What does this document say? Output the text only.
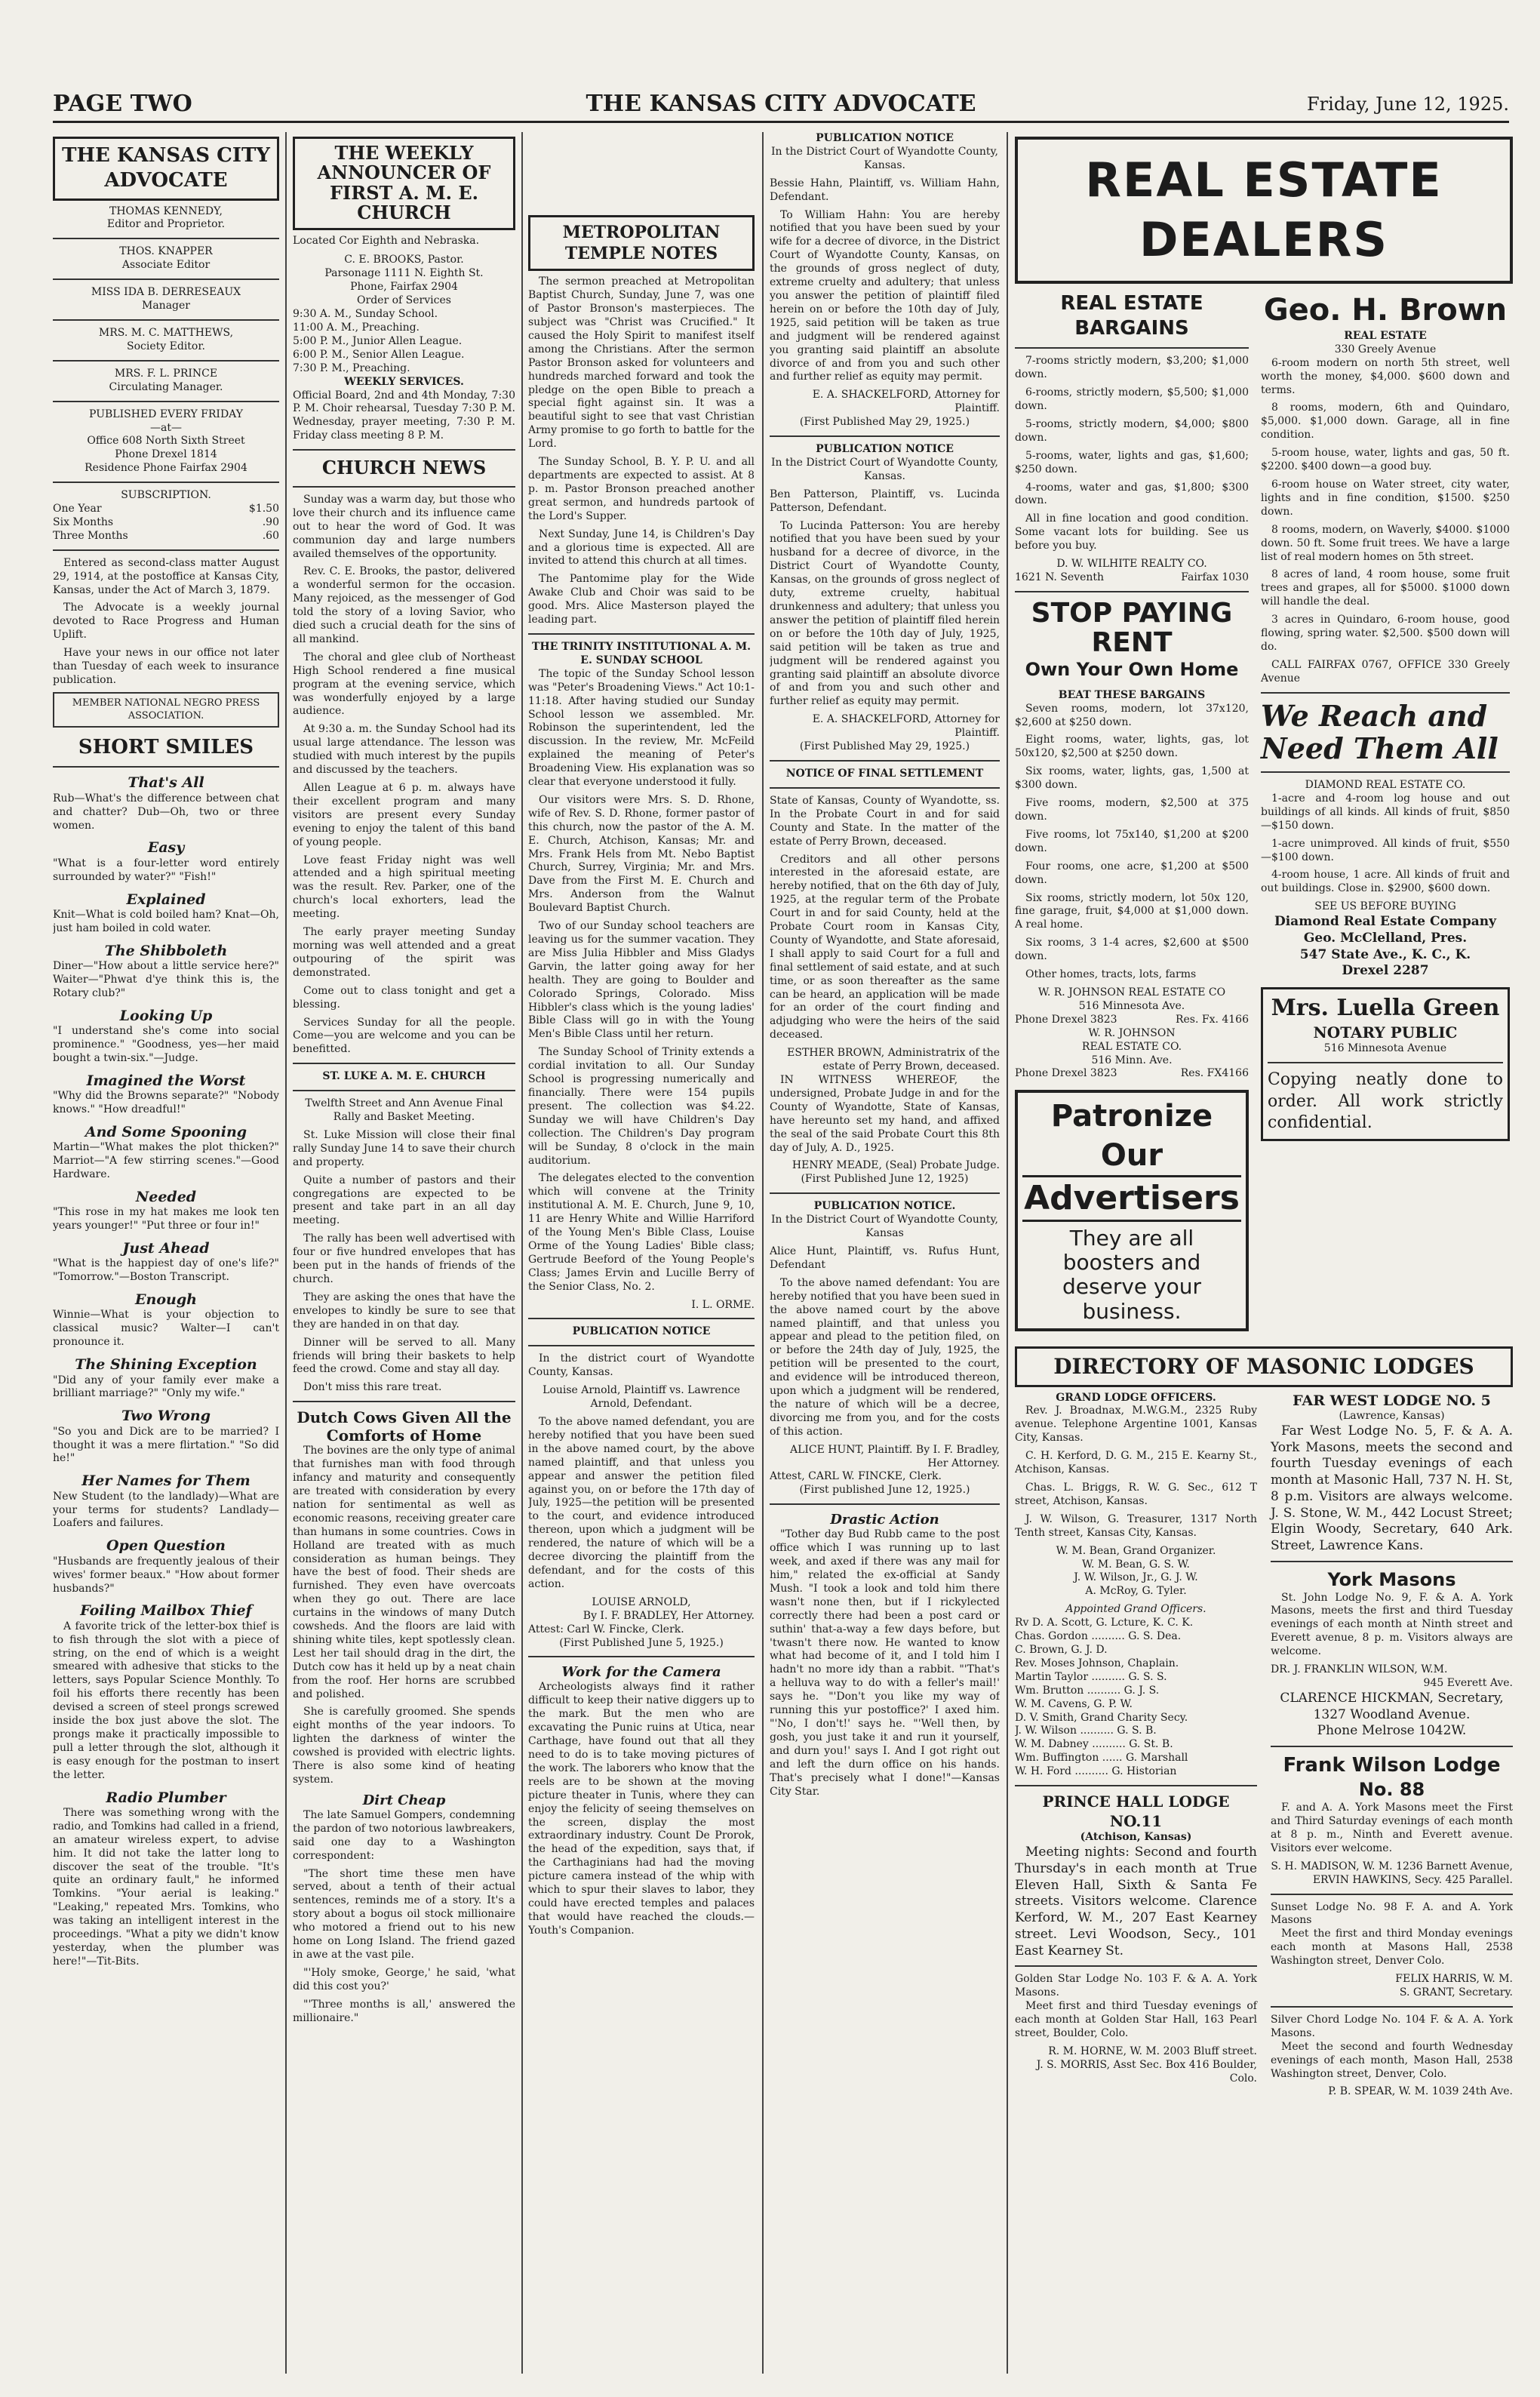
PAGE TWO	THE KANSAS CITY ADVOCATE	Friday, June 12, 1925.
THE KANSAS CITY ADVOCATE
THOMAS KENNEDY,
Editor and Proprietor.
THOS. KNAPPER
Associate Editor
MISS IDA B. DERRESEAUX
Manager
MRS. M. C. MATTHEWS,
Society Editor.
MRS. F. L. PRINCE
Circulating Manager.
PUBLISHED EVERY FRIDAY
—at—
Office 608 North Sixth Street
Phone Drexel 1814
Residence Phone Fairfax 2904
SUBSCRIPTION.
One Year	$1.50
Six Months	.90
Three Months	.60

Entered as second-class matter August 29, 1914, at the postoffice at Kansas City, Kansas, under the Act of March 3, 1879.

The Advocate is a weekly journal devoted to Race Progress and Human Uplift.

Have your news in our office not later than Tuesday of each week to insurance publication.

MEMBER NATIONAL NEGRO PRESS ASSOCIATION.
SHORT SMILES
That's All

Rub—What's the difference between chat and chatter? Dub—Oh, two or three women.

Easy

"What is a four-letter word entirely surrounded by water?" "Fish!"

Explained

Knit—What is cold boiled ham? Knat—Oh, just ham boiled in cold water.

The Shibboleth

Diner—"How about a little service here?" Waiter—"Phwat d'ye think this is, the Rotary club?"

Looking Up

"I understand she's come into social prominence." "Goodness, yes—her maid bought a twin-six."—Judge.

Imagined the Worst

"Why did the Browns separate?" "Nobody knows." "How dreadful!"

And Some Spooning

Martin—"What makes the plot thicken?" Marriot—"A few stirring scenes."—Good Hardware.

Needed

"This rose in my hat makes me look ten years younger!" "Put three or four in!"

Just Ahead

"What is the happiest day of one's life?" "Tomorrow."—Boston Transcript.

Enough

Winnie—What is your objection to classical music? Walter—I can't pronounce it.

The Shining Exception

"Did any of your family ever make a brilliant marriage?" "Only my wife."

Two Wrong

"So you and Dick are to be married? I thought it was a mere flirtation." "So did he!"

Her Names for Them

New Student (to the landlady)—What are your terms for students? Landlady—Loafers and failures.

Open Question

"Husbands are frequently jealous of their wives' former beaux." "How about former husbands?"

Foiling Mailbox Thief

A favorite trick of the letter-box thief is to fish through the slot with a piece of string, on the end of which is a weight smeared with adhesive that sticks to the letters, says Popular Science Monthly. To foil his efforts there recently has been devised a screen of steel prongs screwed inside the box just above the slot. The prongs make it practically impossible to pull a letter through the slot, although it is easy enough for the postman to insert the letter.

Radio Plumber

There was something wrong with the radio, and Tomkins had called in a friend, an amateur wireless expert, to advise him. It did not take the latter long to discover the seat of the trouble. "It's quite an ordinary fault," he informed Tomkins. "Your aerial is leaking." "Leaking," repeated Mrs. Tomkins, who was taking an intelligent interest in the proceedings. "What a pity we didn't know yesterday, when the plumber was here!"—Tit-Bits.

THE WEEKLY ANNOUNCER OF FIRST A. M. E. CHURCH
Located Cor Eighth and Nebraska.
C. E. BROOKS, Pastor.
Parsonage 1111 N. Eighth St.
Phone, Fairfax 2904
Order of Services
9:30 A. M., Sunday School.
11:00 A. M., Preaching.
5:00 P. M., Junior Allen League.
6:00 P. M., Senior Allen League.
7:30 P. M., Preaching.
WEEKLY SERVICES.

Official Board, 2nd and 4th Monday, 7:30 P. M. Choir rehearsal, Tuesday 7:30 P. M. Wednesday, prayer meeting, 7:30 P. M. Friday class meeting 8 P. M.

CHURCH NEWS

Sunday was a warm day, but those who love their church and its influence came out to hear the word of God. It was communion day and large numbers availed themselves of the opportunity.

Rev. C. E. Brooks, the pastor, delivered a wonderful sermon for the occasion. Many rejoiced, as the messenger of God told the story of a loving Savior, who died such a crucial death for the sins of all mankind.

The choral and glee club of Northeast High School rendered a fine musical program at the evening service, which was wonderfully enjoyed by a large audience.

At 9:30 a. m. the Sunday School had its usual large attendance. The lesson was studied with much interest by the pupils and discussed by the teachers.

Allen League at 6 p. m. always have their excellent program and many visitors are present every Sunday evening to enjoy the talent of this band of young people.

Love feast Friday night was well attended and a high spiritual meeting was the result. Rev. Parker, one of the church's local exhorters, lead the meeting.

The early prayer meeting Sunday morning was well attended and a great outpouring of the spirit was demonstrated.

Come out to class tonight and get a blessing.

Services Sunday for all the people. Come—you are welcome and you can be benefitted.

ST. LUKE A. M. E. CHURCH

Twelfth Street and Ann Avenue Final Rally and Basket Meeting.

St. Luke Mission will close their final rally Sunday June 14 to save their church and property.

Quite a number of pastors and their congregations are expected to be present and take part in an all day meeting.

The rally has been well advertised with four or five hundred envelopes that has been put in the hands of friends of the church.

They are asking the ones that have the envelopes to kindly be sure to see that they are handed in on that day.

Dinner will be served to all. Many friends will bring their baskets to help feed the crowd. Come and stay all day.

Don't miss this rare treat.

Dutch Cows Given All the Comforts of Home

The bovines are the only type of animal that furnishes man with food through infancy and maturity and consequently are treated with consideration by every nation for sentimental as well as economic reasons, receiving greater care than humans in some countries. Cows in Holland are treated with as much consideration as human beings. They have the best of food. Their sheds are furnished. They even have overcoats when they go out. There are lace curtains in the windows of many Dutch cowsheds. And the floors are laid with shining white tiles, kept spotlessly clean. Lest her tail should drag in the dirt, the Dutch cow has it held up by a neat chain from the roof. Her horns are scrubbed and polished.

She is carefully groomed. She spends eight months of the year indoors. To lighten the darkness of winter the cowshed is provided with electric lights. There is also some kind of heating system.

Dirt Cheap

The late Samuel Gompers, condemning the pardon of two notorious lawbreakers, said one day to a Washington correspondent:

"The short time these men have served, about a tenth of their actual sentences, reminds me of a story. It's a story about a bogus oil stock millionaire who motored a friend out to his new home on Long Island. The friend gazed in awe at the vast pile.

"'Holy smoke, George,' he said, 'what did this cost you?'

"'Three months is all,' answered the millionaire."

METROPOLITAN TEMPLE NOTES

The sermon preached at Metropolitan Baptist Church, Sunday, June 7, was one of Pastor Bronson's masterpieces. The subject was "Christ was Crucified." It caused the Holy Spirit to manifest itself among the Christians. After the sermon Pastor Bronson asked for volunteers and hundreds marched forward and took the pledge on the open Bible to preach a special fight against sin. It was a beautiful sight to see that vast Christian Army promise to go forth to battle for the Lord.

The Sunday School, B. Y. P. U. and all departments are expected to assist. At 8 p. m. Pastor Bronson preached another great sermon, and hundreds partook of the Lord's Supper.

Next Sunday, June 14, is Children's Day and a glorious time is expected. All are invited to attend this church at all times.

The Pantomime play for the Wide Awake Club and Choir was said to be good. Mrs. Alice Masterson played the leading part.

THE TRINITY INSTITUTIONAL A. M. E. SUNDAY SCHOOL

The topic of the Sunday School lesson was "Peter's Broadening Views." Act 10:1-11:18. After having studied our Sunday School lesson we assembled. Mr. Robinson the superintendent, led the discussion. In the review, Mr. McFeild explained the meaning of Peter's Broadening View. His explanation was so clear that everyone understood it fully.

Our visitors were Mrs. S. D. Rhone, wife of Rev. S. D. Rhone, former pastor of this church, now the pastor of the A. M. E. Church, Atchison, Kansas; Mr. and Mrs. Frank Hels from Mt. Nebo Baptist Church, Surrey, Virginia; Mr. and Mrs. Dave from the First M. E. Church and Mrs. Anderson from the Walnut Boulevard Baptist Church.

Two of our Sunday school teachers are leaving us for the summer vacation. They are Miss Julia Hibbler and Miss Gladys Garvin, the latter going away for her health. They are going to Boulder and Colorado Springs, Colorado. Miss Hibbler's class which is the young ladies' Bible Class will go in with the Young Men's Bible Class until her return.

The Sunday School of Trinity extends a cordial invitation to all. Our Sunday School is progressing numerically and financially. There were 154 pupils present. The collection was $4.22. Sunday we will have Children's Day collection. The Children's Day program will be Sunday, 8 o'clock in the main auditorium.

The delegates elected to the convention which will convene at the Trinity institutional A. M. E. Church, June 9, 10, 11 are Henry White and Willie Harriford of the Young Men's Bible Class, Louise Orme of the Young Ladies' Bible class; Gertrude Beeford of the Young People's Class; James Ervin and Lucille Berry of the Senior Class, No. 2.

I. L. ORME.
PUBLICATION NOTICE

In the district court of Wyandotte County, Kansas.

Louise Arnold, Plaintiff vs. Lawrence Arnold, Defendant.

To the above named defendant, you are hereby notified that you have been sued in the above named court, by the above named plaintiff, and that unless you appear and answer the petition filed against you, on or before the 17th day of July, 1925—the petition will be presented to the court, and evidence introduced thereon, upon which a judgment will be rendered, the nature of which will be a decree divorcing the plaintiff from the defendant, and for the costs of this action.

LOUISE ARNOLD,
By I. F. BRADLEY, Her Attorney.
Attest: Carl W. Fincke, Clerk.
(First Published June 5, 1925.)
Work for the Camera

Archeologists always find it rather difficult to keep their native diggers up to the mark. But the men who are excavating the Punic ruins at Utica, near Carthage, have found out that all they need to do is to take moving pictures of the work. The laborers who know that the reels are to be shown at the moving picture theater in Tunis, where they can enjoy the felicity of seeing themselves on the screen, display the most extraordinary industry. Count De Prorok, the head of the expedition, says that, if the Carthaginians had had the moving picture camera instead of the whip with which to spur their slaves to labor, they could have erected temples and palaces that would have reached the clouds.—Youth's Companion.

PUBLICATION NOTICE

In the District Court of Wyandotte County, Kansas.

Bessie Hahn, Plaintiff, vs. William Hahn, Defendant.

To William Hahn: You are hereby notified that you have been sued by your wife for a decree of divorce, in the District Court of Wyandotte County, Kansas, on the grounds of gross neglect of duty, extreme cruelty and adultery; that unless you answer the petition of plaintiff filed herein on or before the 10th day of July, 1925, said petition will be taken as true and judgment will be rendered against you granting said plaintiff an absolute divorce of and from you and such other and further relief as equity may permit.

E. A. SHACKELFORD, Attorney for Plaintiff.
(First Published May 29, 1925.)
PUBLICATION NOTICE

In the District Court of Wyandotte County, Kansas.

Ben Patterson, Plaintiff, vs. Lucinda Patterson, Defendant.

To Lucinda Patterson: You are hereby notified that you have been sued by your husband for a decree of divorce, in the District Court of Wyandotte County, Kansas, on the grounds of gross neglect of duty, extreme cruelty, habitual drunkenness and adultery; that unless you answer the petition of plaintiff filed herein on or before the 10th day of July, 1925, said petition will be taken as true and judgment will be rendered against you granting said plaintiff an absolute divorce of and from you and such other and further relief as equity may permit.

E. A. SHACKELFORD, Attorney for Plaintiff.
(First Published May 29, 1925.)
NOTICE OF FINAL SETTLEMENT

State of Kansas, County of Wyandotte, ss. In the Probate Court in and for said County and State. In the matter of the estate of Perry Brown, deceased.

Creditors and all other persons interested in the aforesaid estate, are hereby notified, that on the 6th day of July, 1925, at the regular term of the Probate Court in and for said County, held at the Probate Court room in Kansas City, County of Wyandotte, and State aforesaid, I shall apply to said Court for a full and final settlement of said estate, and at such time, or as soon thereafter as the same can be heard, an application will be made for an order of the court finding and adjudging who were the heirs of the said deceased.

ESTHER BROWN, Administratrix of the estate of Perry Brown, deceased.

IN WITNESS WHEREOF, the undersigned, Probate Judge in and for the County of Wyandotte, State of Kansas, have hereunto set my hand, and affixed the seal of the said Probate Court this 8th day of July, A. D., 1925.

HENRY MEADE, (Seal) Probate Judge.
(First Published June 12, 1925)
PUBLICATION NOTICE.

In the District Court of Wyandotte County, Kansas

Alice Hunt, Plaintiff, vs. Rufus Hunt, Defendant

To the above named defendant: You are hereby notified that you have been sued in the above named court by the above named plaintiff, and that unless you appear and plead to the petition filed, on or before the 24th day of July, 1925, the petition will be presented to the court, and evidence will be introduced thereon, upon which a judgment will be rendered, the nature of which will be a decree, divorcing me from you, and for the costs of this action.

ALICE HUNT, Plaintiff. By I. F. Bradley, Her Attorney.
Attest, CARL W. FINCKE, Clerk.
(First published June 12, 1925.)
Drastic Action

"Tother day Bud Rubb came to the post office which I was running up to last week, and axed if there was any mail for him," related the ex-official at Sandy Mush. "I took a look and told him there wasn't none then, but if I rickylected correctly there had been a post card or suthin' that-a-way a few days before, but 'twasn't there now. He wanted to know what had become of it, and I told him I hadn't no more idy than a rabbit. "'That's a helluva way to do with a feller's mail!' says he. "'Don't you like my way of running this yur postoffice?' I axed him. "'No, I don't!' says he. "'Well then, by gosh, you just take it and run it yourself, and durn you!' says I. And I got right out and left the durn office on his hands. That's precisely what I done!"—Kansas City Star.

REAL ESTATE DEALERS
REAL ESTATE BARGAINS

7-rooms strictly modern, $3,200; $1,000 down.

6-rooms, strictly modern, $5,500; $1,000 down.

5-rooms, strictly modern, $4,000; $800 down.

5-rooms, water, lights and gas, $1,600; $250 down.

4-rooms, water and gas, $1,800; $300 down.

All in fine location and good condition. Some vacant lots for building. See us before you buy.

D. W. WILHITE REALTY CO.
1621 N. Seventh	Fairfax 1030
STOP PAYING RENT
Own Your Own Home
BEAT THESE BARGAINS

Seven rooms, modern, lot 37x120, $2,600 at $250 down.

Eight rooms, water, lights, gas, lot 50x120, $2,500 at $250 down.

Six rooms, water, lights, gas, 1,500 at $300 down.

Five rooms, modern, $2,500 at 375 down.

Five rooms, lot 75x140, $1,200 at $200 down.

Four rooms, one acre, $1,200 at $500 down.

Six rooms, strictly modern, lot 50x 120, fine garage, fruit, $4,000 at $1,000 down. A real home.

Six rooms, 3 1-4 acres, $2,600 at $500 down.

Other homes, tracts, lots, farms

W. R. JOHNSON REAL ESTATE CO
516 Minnesota Ave.
Phone Drexel 3823	Res. Fx. 4166
W. R. JOHNSON
REAL ESTATE CO.
516 Minn. Ave.
Phone Drexel 3823	Res. FX4166
Patronize Our
Advertisers
They are all boosters and deserve your business.
Geo. H. Brown
REAL ESTATE
330 Greely Avenue

6-room modern on north 5th street, well worth the money, $4,000. $600 down and terms.

8 rooms, modern, 6th and Quindaro, $5,000. $1,000 down. Garage, all in fine condition.

5-room house, water, lights and gas, 50 ft. $2200. $400 down—a good buy.

6-room house on Water street, city water, lights and in fine condition, $1500. $250 down.

8 rooms, modern, on Waverly, $4000. $1000 down. 50 ft. Some fruit trees. We have a large list of real modern homes on 5th street.

8 acres of land, 4 room house, some fruit trees and grapes, all for $5000. $1000 down will handle the deal.

3 acres in Quindaro, 6-room house, good flowing, spring water. $2,500. $500 down will do.

CALL FAIRFAX 0767, OFFICE 330 Greely Avenue

We Reach and Need Them All
DIAMOND REAL ESTATE CO.

1-acre and 4-room log house and out buildings of all kinds. All kinds of fruit, $850—$150 down.

1-acre unimproved. All kinds of fruit, $550—$100 down.

4-room house, 1 acre. All kinds of fruit and out buildings. Close in. $2900, $600 down.

SEE US BEFORE BUYING
Diamond Real Estate Company
Geo. McClelland, Pres.
547 State Ave., K. C., K.
Drexel 2287
Mrs. Luella Green
NOTARY PUBLIC
516 Minnesota Avenue
Copying neatly done to order. All work strictly confidential.
DIRECTORY OF MASONIC LODGES
GRAND LODGE OFFICERS.

Rev. J. Broadnax, M.W.G.M., 2325 Ruby avenue. Telephone Argentine 1001, Kansas City, Kansas.

C. H. Kerford, D. G. M., 215 E. Kearny St., Atchison, Kansas.

Chas. L. Briggs, R. W. G. Sec., 612 T street, Atchison, Kansas.

J. W. Wilson, G. Treasurer, 1317 North Tenth street, Kansas City, Kansas.

W. M. Bean, Grand Organizer.
W. M. Bean, G. S. W.
J. W. Wilson, Jr., G. J. W.
A. McRoy, G. Tyler.
Appointed Grand Officers.
Rv D. A. Scott, G. Lcture, K. C. K.
Chas. Gordon .......... G. S. Dea.
C. Brown, G. J. D.
Rev. Moses Johnson, Chaplain.
Martin Taylor .......... G. S. S.
Wm. Brutton .......... G. J. S.
W. M. Cavens, G. P. W.
D. V. Smith, Grand Charity Secy.
J. W. Wilson .......... G. S. B.
W. M. Dabney .......... G. St. B.
Wm. Buffington ...... G. Marshall
W. H. Ford .......... G. Historian
PRINCE HALL LODGE NO.11
(Atchison, Kansas)

Meeting nights: Second and fourth Thursday's in each month at True Eleven Hall, Sixth & Santa Fe streets. Visitors welcome. Clarence Kerford, W. M., 207 East Kearney street. Levi Woodson, Secy., 101 East Kearney St.

Golden Star Lodge No. 103 F. & A. A. York Masons.

Meet first and third Tuesday evenings of each month at Golden Star Hall, 163 Pearl street, Boulder, Colo.

R. M. HORNE, W. M. 2003 Bluff street.
J. S. MORRIS, Asst Sec. Box 416 Boulder, Colo.
FAR WEST LODGE NO. 5
(Lawrence, Kansas)

Far West Lodge No. 5, F. & A. A. York Masons, meets the second and fourth Tuesday evenings of each month at Masonic Hall, 737 N. H. St, 8 p.m. Visitors are always welcome. J. S. Stone, W. M., 442 Locust Street; Elgin Woody, Secretary, 640 Ark. Street, Lawrence Kans.

York Masons

St. John Lodge No. 9, F. & A. A. York Masons, meets the first and third Tuesday evenings of each month at Ninth street and Everett avenue, 8 p. m. Visitors always are welcome.

DR. J. FRANKLIN WILSON, W.M.
945 Everett Ave.
CLARENCE HICKMAN, Secretary,
1327 Woodland Avenue.
Phone Melrose 1042W.
Frank Wilson Lodge
No. 88

F. and A. A. York Masons meet the First and Third Saturday evenings of each month at 8 p. m., Ninth and Everett avenue. Visitors ever welcome.

S. H. MADISON, W. M. 1236 Barnett Avenue,
ERVIN HAWKINS, Secy. 425 Parallel.
Sunset Lodge No. 98 F. A. and A. York Masons

Meet the first and third Monday evenings each month at Masons Hall, 2538 Washington street, Denver Colo.

FELIX HARRIS, W. M.
S. GRANT, Secretary.
Silver Chord Lodge No. 104 F. & A. A. York Masons.

Meet the second and fourth Wednesday evenings of each month, Mason Hall, 2538 Washington street, Denver, Colo.

P. B. SPEAR, W. M. 1039 24th Ave.
